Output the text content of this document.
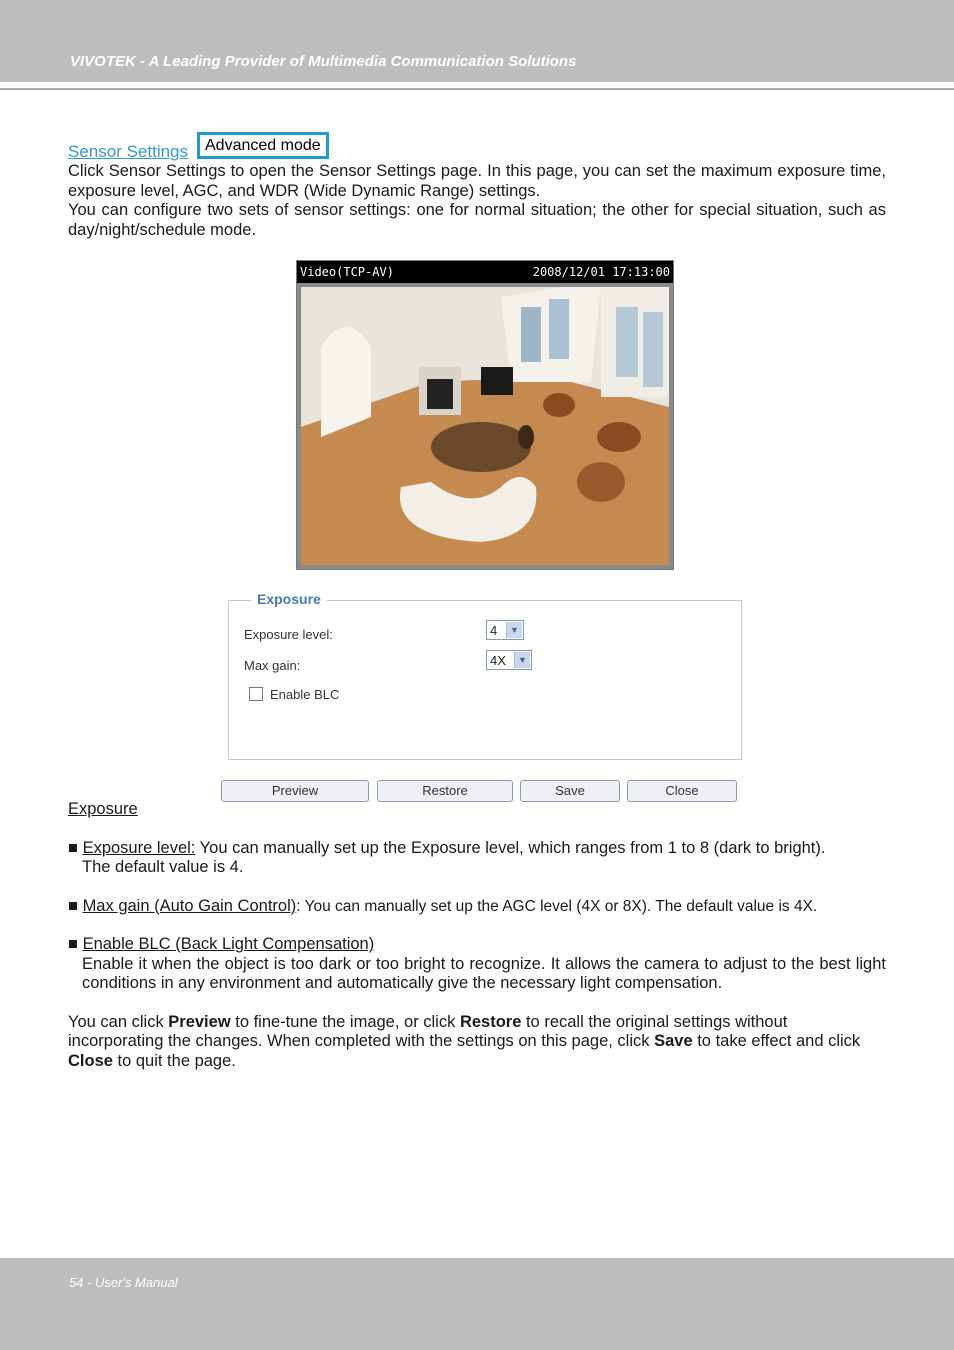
VIVOTEK - A Leading Provider of Multimedia Communication Solutions
Sensor Settings	Advanced mode

Click Sensor Settings to open the Sensor Settings page. In this page, you can set the maximum exposure time, exposure level, AGC, and WDR (Wide Dynamic Range) settings.

You can configure two sets of sensor settings: one for normal situation; the other for special situation, such as day/night/schedule mode.

Video(TCP-AV)	2008/12/01 17:13:00
Exposure
Exposure level:	4	▼
Max gain:	4X	▼
Enable BLC
Preview	Restore	Save	Close

Exposure

■ Exposure level: You can manually set up the Exposure level, which ranges from 1 to 8 (dark to bright).

The default value is 4.

■ Max gain (Auto Gain Control): You can manually set up the AGC level (4X or 8X). The default value is 4X.

■ Enable BLC (Back Light Compensation)

Enable it when the object is too dark or too bright to recognize. It allows the camera to adjust to the best light conditions in any environment and automatically give the necessary light compensation.

You can click Preview to fine-tune the image, or click Restore to recall the original settings without incorporating the changes. When completed with the settings on this page, click Save to take effect and click Close to quit the page.

54 - User's Manual
